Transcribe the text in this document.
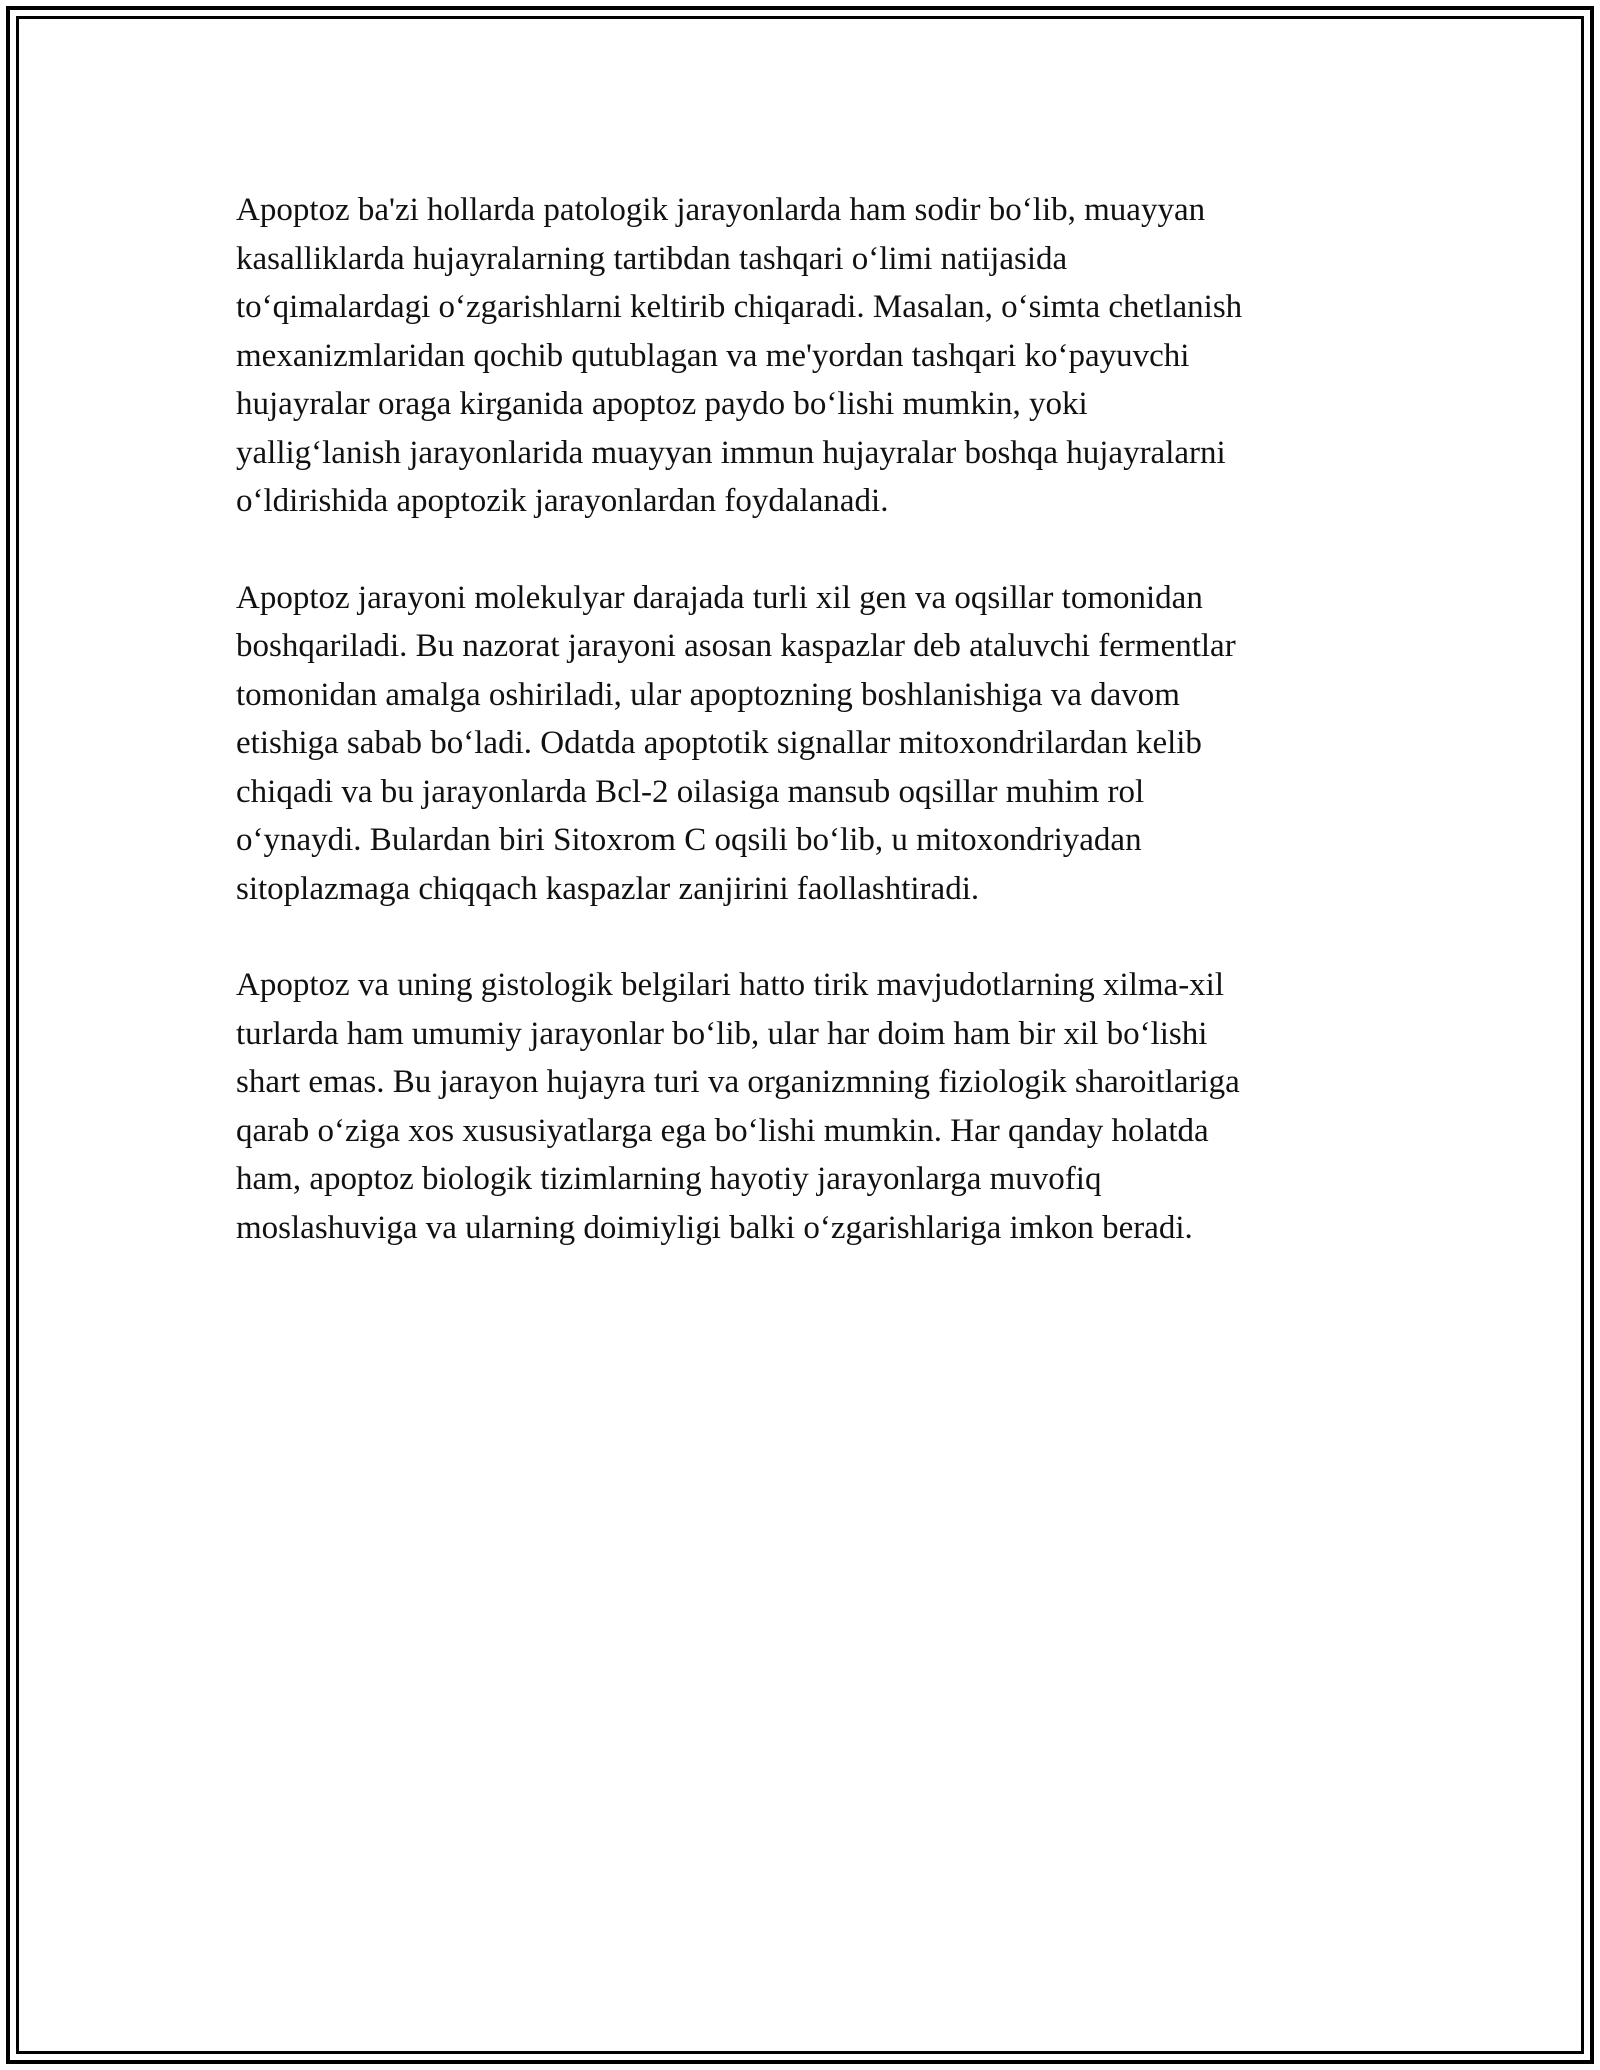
Apoptoz ba'zi hollarda patologik jarayonlarda ham sodir bo‘lib, muayyan
kasalliklarda hujayralarning tartibdan tashqari o‘limi natijasida
to‘qimalardagi o‘zgarishlarni keltirib chiqaradi. Masalan, o‘simta chetlanish
mexanizmlaridan qochib qutublagan va me'yordan tashqari ko‘payuvchi
hujayralar oraga kirganida apoptoz paydo bo‘lishi mumkin, yoki
yallig‘lanish jarayonlarida muayyan immun hujayralar boshqa hujayralarni
o‘ldirishida apoptozik jarayonlardan foydalanadi.

Apoptoz jarayoni molekulyar darajada turli xil gen va oqsillar tomonidan
boshqariladi. Bu nazorat jarayoni asosan kaspazlar deb ataluvchi fermentlar
tomonidan amalga oshiriladi, ular apoptozning boshlanishiga va davom
etishiga sabab bo‘ladi. Odatda apoptotik signallar mitoxondrilardan kelib
chiqadi va bu jarayonlarda Bcl-2 oilasiga mansub oqsillar muhim rol
o‘ynaydi. Bulardan biri Sitoxrom C oqsili bo‘lib, u mitoxondriyadan
sitoplazmaga chiqqach kaspazlar zanjirini faollashtiradi.

Apoptoz va uning gistologik belgilari hatto tirik mavjudotlarning xilma-xil
turlarda ham umumiy jarayonlar bo‘lib, ular har doim ham bir xil bo‘lishi
shart emas. Bu jarayon hujayra turi va organizmning fiziologik sharoitlariga
qarab o‘ziga xos xususiyatlarga ega bo‘lishi mumkin. Har qanday holatda
ham, apoptoz biologik tizimlarning hayotiy jarayonlarga muvofiq
moslashuviga va ularning doimiyligi balki o‘zgarishlariga imkon beradi.
